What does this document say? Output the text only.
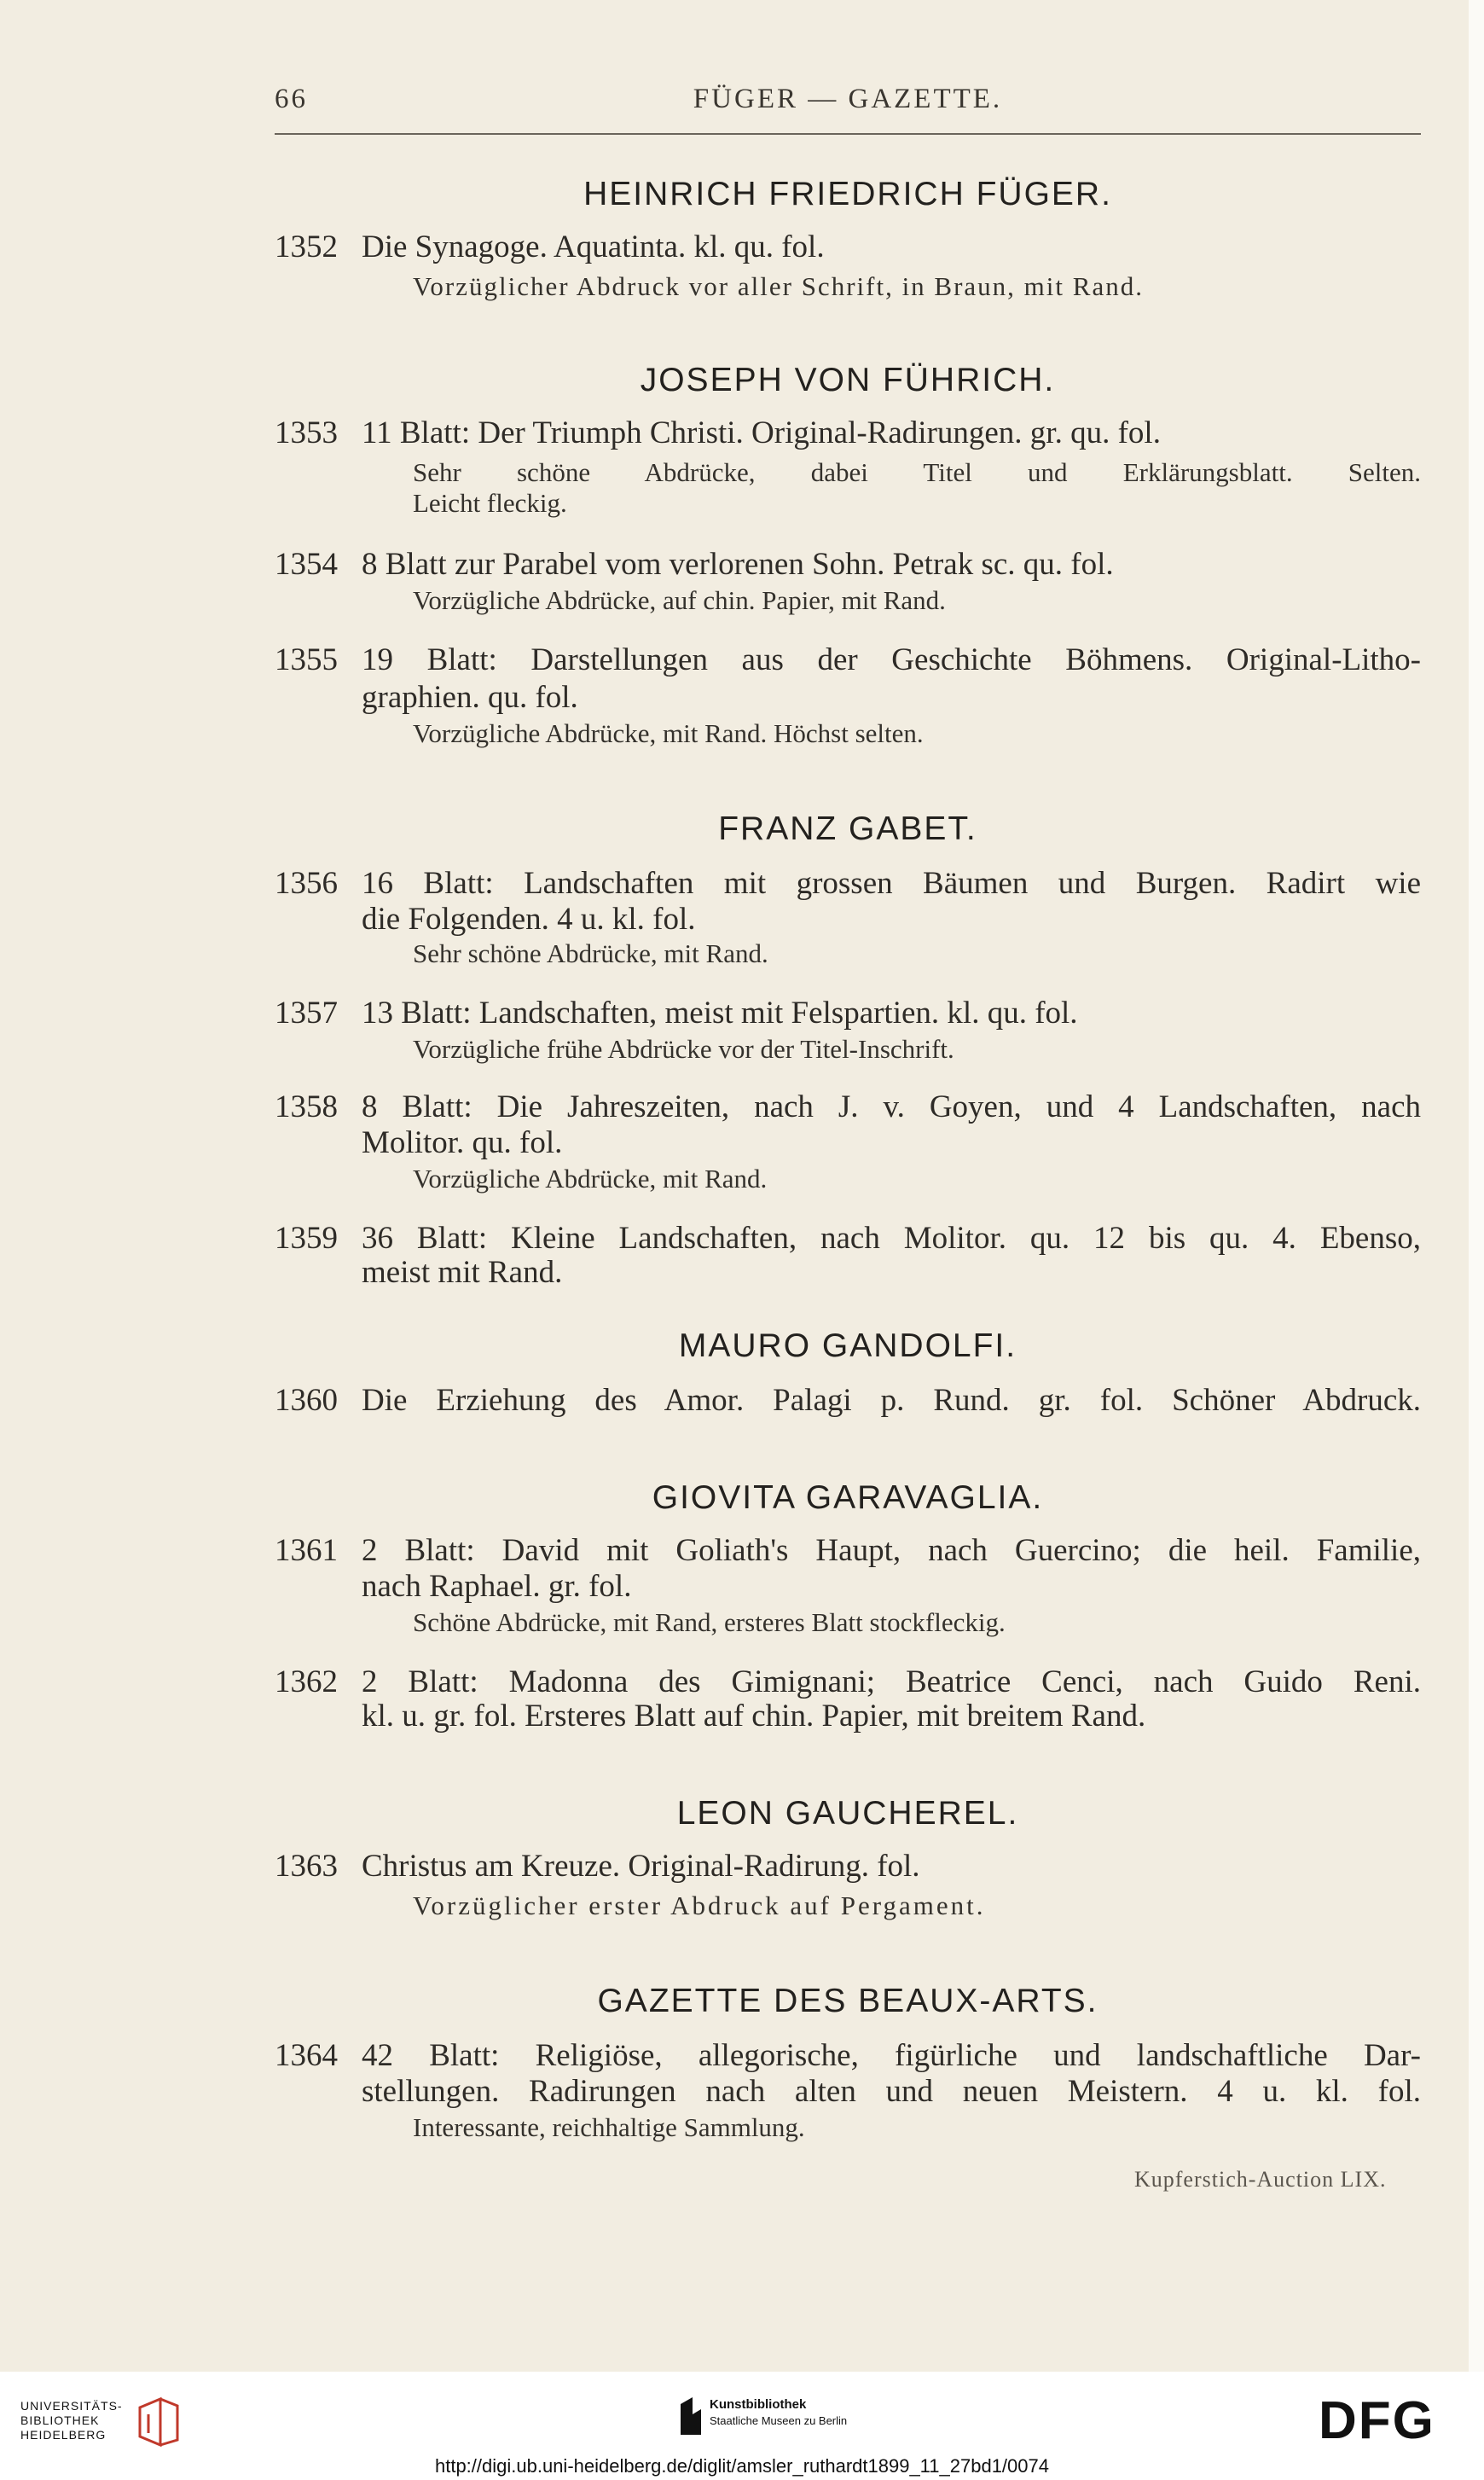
66	FÜGER — GAZETTE.
HEINRICH FRIEDRICH FÜGER.
1352 Die Synagoge. Aquatinta. kl. qu. fol.
Vorzüglicher Abdruck vor aller Schrift, in Braun, mit Rand.
JOSEPH VON FÜHRICH.
1353 11 Blatt: Der Triumph Christi. Original-Radirungen. gr. qu. fol.
Sehr schöne Abdrücke, dabei Titel und Erklärungsblatt. Selten.
Leicht fleckig.
1354 8 Blatt zur Parabel vom verlorenen Sohn. Petrak sc. qu. fol.
Vorzügliche Abdrücke, auf chin. Papier, mit Rand.
1355 19 Blatt: Darstellungen aus der Geschichte Böhmens. Original-Litho-
graphien. qu. fol.
Vorzügliche Abdrücke, mit Rand. Höchst selten.
FRANZ GABET.
1356 16 Blatt: Landschaften mit grossen Bäumen und Burgen. Radirt wie
die Folgenden. 4 u. kl. fol.
Sehr schöne Abdrücke, mit Rand.
1357 13 Blatt: Landschaften, meist mit Felspartien. kl. qu. fol.
Vorzügliche frühe Abdrücke vor der Titel-Inschrift.
1358 8 Blatt: Die Jahreszeiten, nach J. v. Goyen, und 4 Landschaften, nach
Molitor. qu. fol.
Vorzügliche Abdrücke, mit Rand.
1359 36 Blatt: Kleine Landschaften, nach Molitor. qu. 12 bis qu. 4. Ebenso,
meist mit Rand.
MAURO GANDOLFI.
1360 Die Erziehung des Amor. Palagi p. Rund. gr. fol. Schöner Abdruck.
GIOVITA GARAVAGLIA.
1361 2 Blatt: David mit Goliath's Haupt, nach Guercino; die heil. Familie,
nach Raphael. gr. fol.
Schöne Abdrücke, mit Rand, ersteres Blatt stockfleckig.
1362 2 Blatt: Madonna des Gimignani; Beatrice Cenci, nach Guido Reni.
kl. u. gr. fol. Ersteres Blatt auf chin. Papier, mit breitem Rand.
LEON GAUCHEREL.
1363 Christus am Kreuze. Original-Radirung. fol.
Vorzüglicher erster Abdruck auf Pergament.
GAZETTE DES BEAUX-ARTS.
1364 42 Blatt: Religiöse, allegorische, figürliche und landschaftliche Dar-
stellungen. Radirungen nach alten und neuen Meistern. 4 u. kl. fol.
Interessante, reichhaltige Sammlung.
Kupferstich-Auction LIX.
UNIVERSITÄTS-
BIBLIOTHEK
HEIDELBERG
Kunstbibliothek
Staatliche Museen zu Berlin	DFG
http://digi.ub.uni-heidelberg.de/diglit/amsler_ruthardt1899_11_27bd1/0074
